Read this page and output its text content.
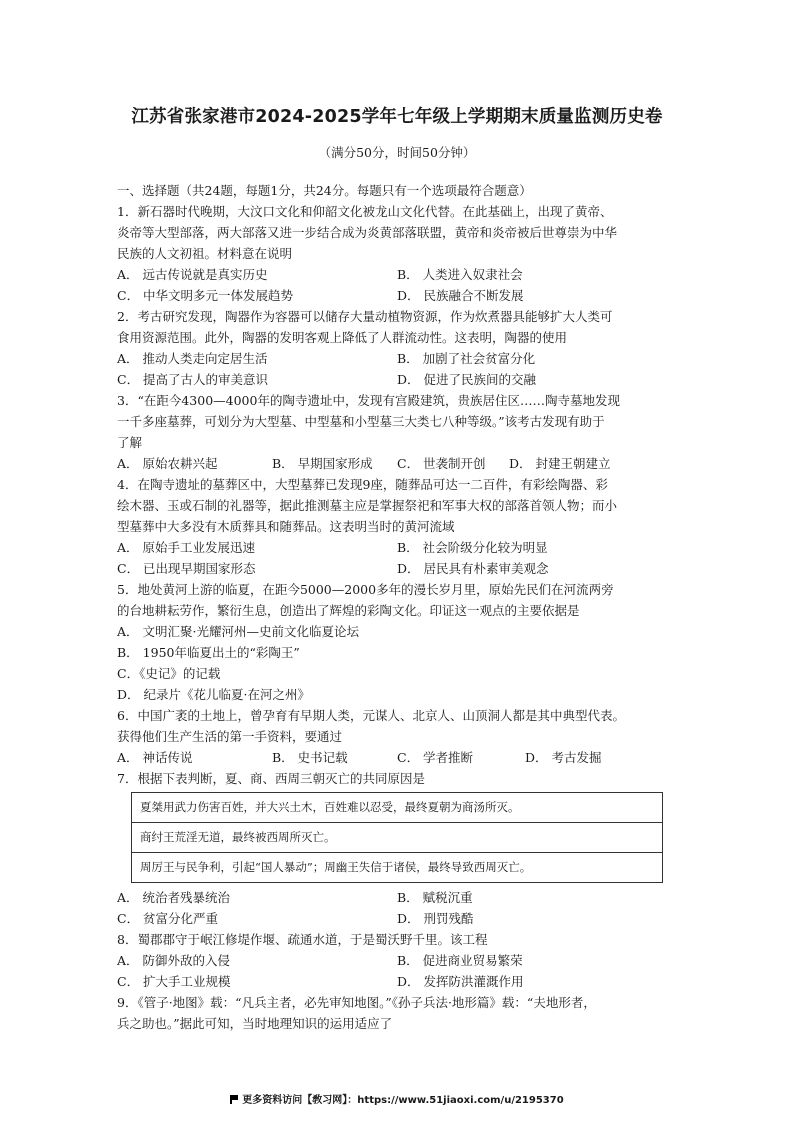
江苏省张家港市2024-2025学年七年级上学期期末质量监测历史卷
（满分50分，时间50分钟）
一、选择题（共24题，每题1分，共24分。每题只有一个选项最符合题意）
1．新石器时代晚期，大汶口文化和仰韶文化被龙山文化代替。在此基础上，出现了黄帝、
炎帝等大型部落，两大部落又进一步结合成为炎黄部落联盟，黄帝和炎帝被后世尊崇为中华
民族的人文初祖。材料意在说明
A． 远古传说就是真实历史	B． 人类进入奴隶社会
C． 中华文明多元一体发展趋势	D． 民族融合不断发展
2．考古研究发现，陶器作为容器可以储存大量动植物资源，作为炊煮器具能够扩大人类可
食用资源范围。此外，陶器的发明客观上降低了人群流动性。这表明，陶器的使用
A． 推动人类走向定居生活	B． 加剧了社会贫富分化
C． 提高了古人的审美意识	D． 促进了民族间的交融
3．“在距今4300—4000年的陶寺遗址中，发现有宫殿建筑，贵族居住区……陶寺墓地发现
一千多座墓葬，可划分为大型墓、中型墓和小型墓三大类七八种等级。”该考古发现有助于
了解
A． 原始农耕兴起	B． 早期国家形成	C． 世袭制开创	D． 封建王朝建立
4．在陶寺遗址的墓葬区中，大型墓葬已发现9座，随葬品可达一二百件，有彩绘陶器、彩
绘木器、玉或石制的礼器等，据此推测墓主应是掌握祭祀和军事大权的部落首领人物；而小
型墓葬中大多没有木质葬具和随葬品。这表明当时的黄河流域
A． 原始手工业发展迅速	B． 社会阶级分化较为明显
C． 已出现早期国家形态	D． 居民具有朴素审美观念
5．地处黄河上游的临夏，在距今5000—2000多年的漫长岁月里，原始先民们在河流两旁
的台地耕耘劳作，繁衍生息，创造出了辉煌的彩陶文化。印证这一观点的主要依据是
A． 文明汇聚·光耀河州—史前文化临夏论坛
B． 1950年临夏出土的“彩陶王”
C．《史记》的记载
D． 纪录片《花儿临夏·在河之州》
6．中国广袤的土地上，曾孕育有早期人类，元谋人、北京人、山顶洞人都是其中典型代表。
获得他们生产生活的第一手资料，要通过
A． 神话传说	B． 史书记载	C． 学者推断	D． 考古发掘
7．根据下表判断，夏、商、西周三朝灭亡的共同原因是
夏桀用武力伤害百姓，并大兴土木，百姓难以忍受，最终夏朝为商汤所灭。
商纣王荒淫无道，最终被西周所灭亡。
周厉王与民争利，引起“国人暴动”；周幽王失信于诸侯，最终导致西周灭亡。
A． 统治者残暴统治	B． 赋税沉重
C． 贫富分化严重	D． 刑罚残酷
8．蜀郡郡守于岷江修堤作堰、疏通水道，于是蜀沃野千里。该工程
A． 防御外敌的入侵	B． 促进商业贸易繁荣
C． 扩大手工业规模	D． 发挥防洪灌溉作用
9．《管子·地图》载：“凡兵主者，必先审知地图。”《孙子兵法·地形篇》载：“夫地形者，
兵之助也。”据此可知，当时地理知识的运用适应了
更多资料访问【敎习网】：https://www.51jiaoxi.com/u/2195370
